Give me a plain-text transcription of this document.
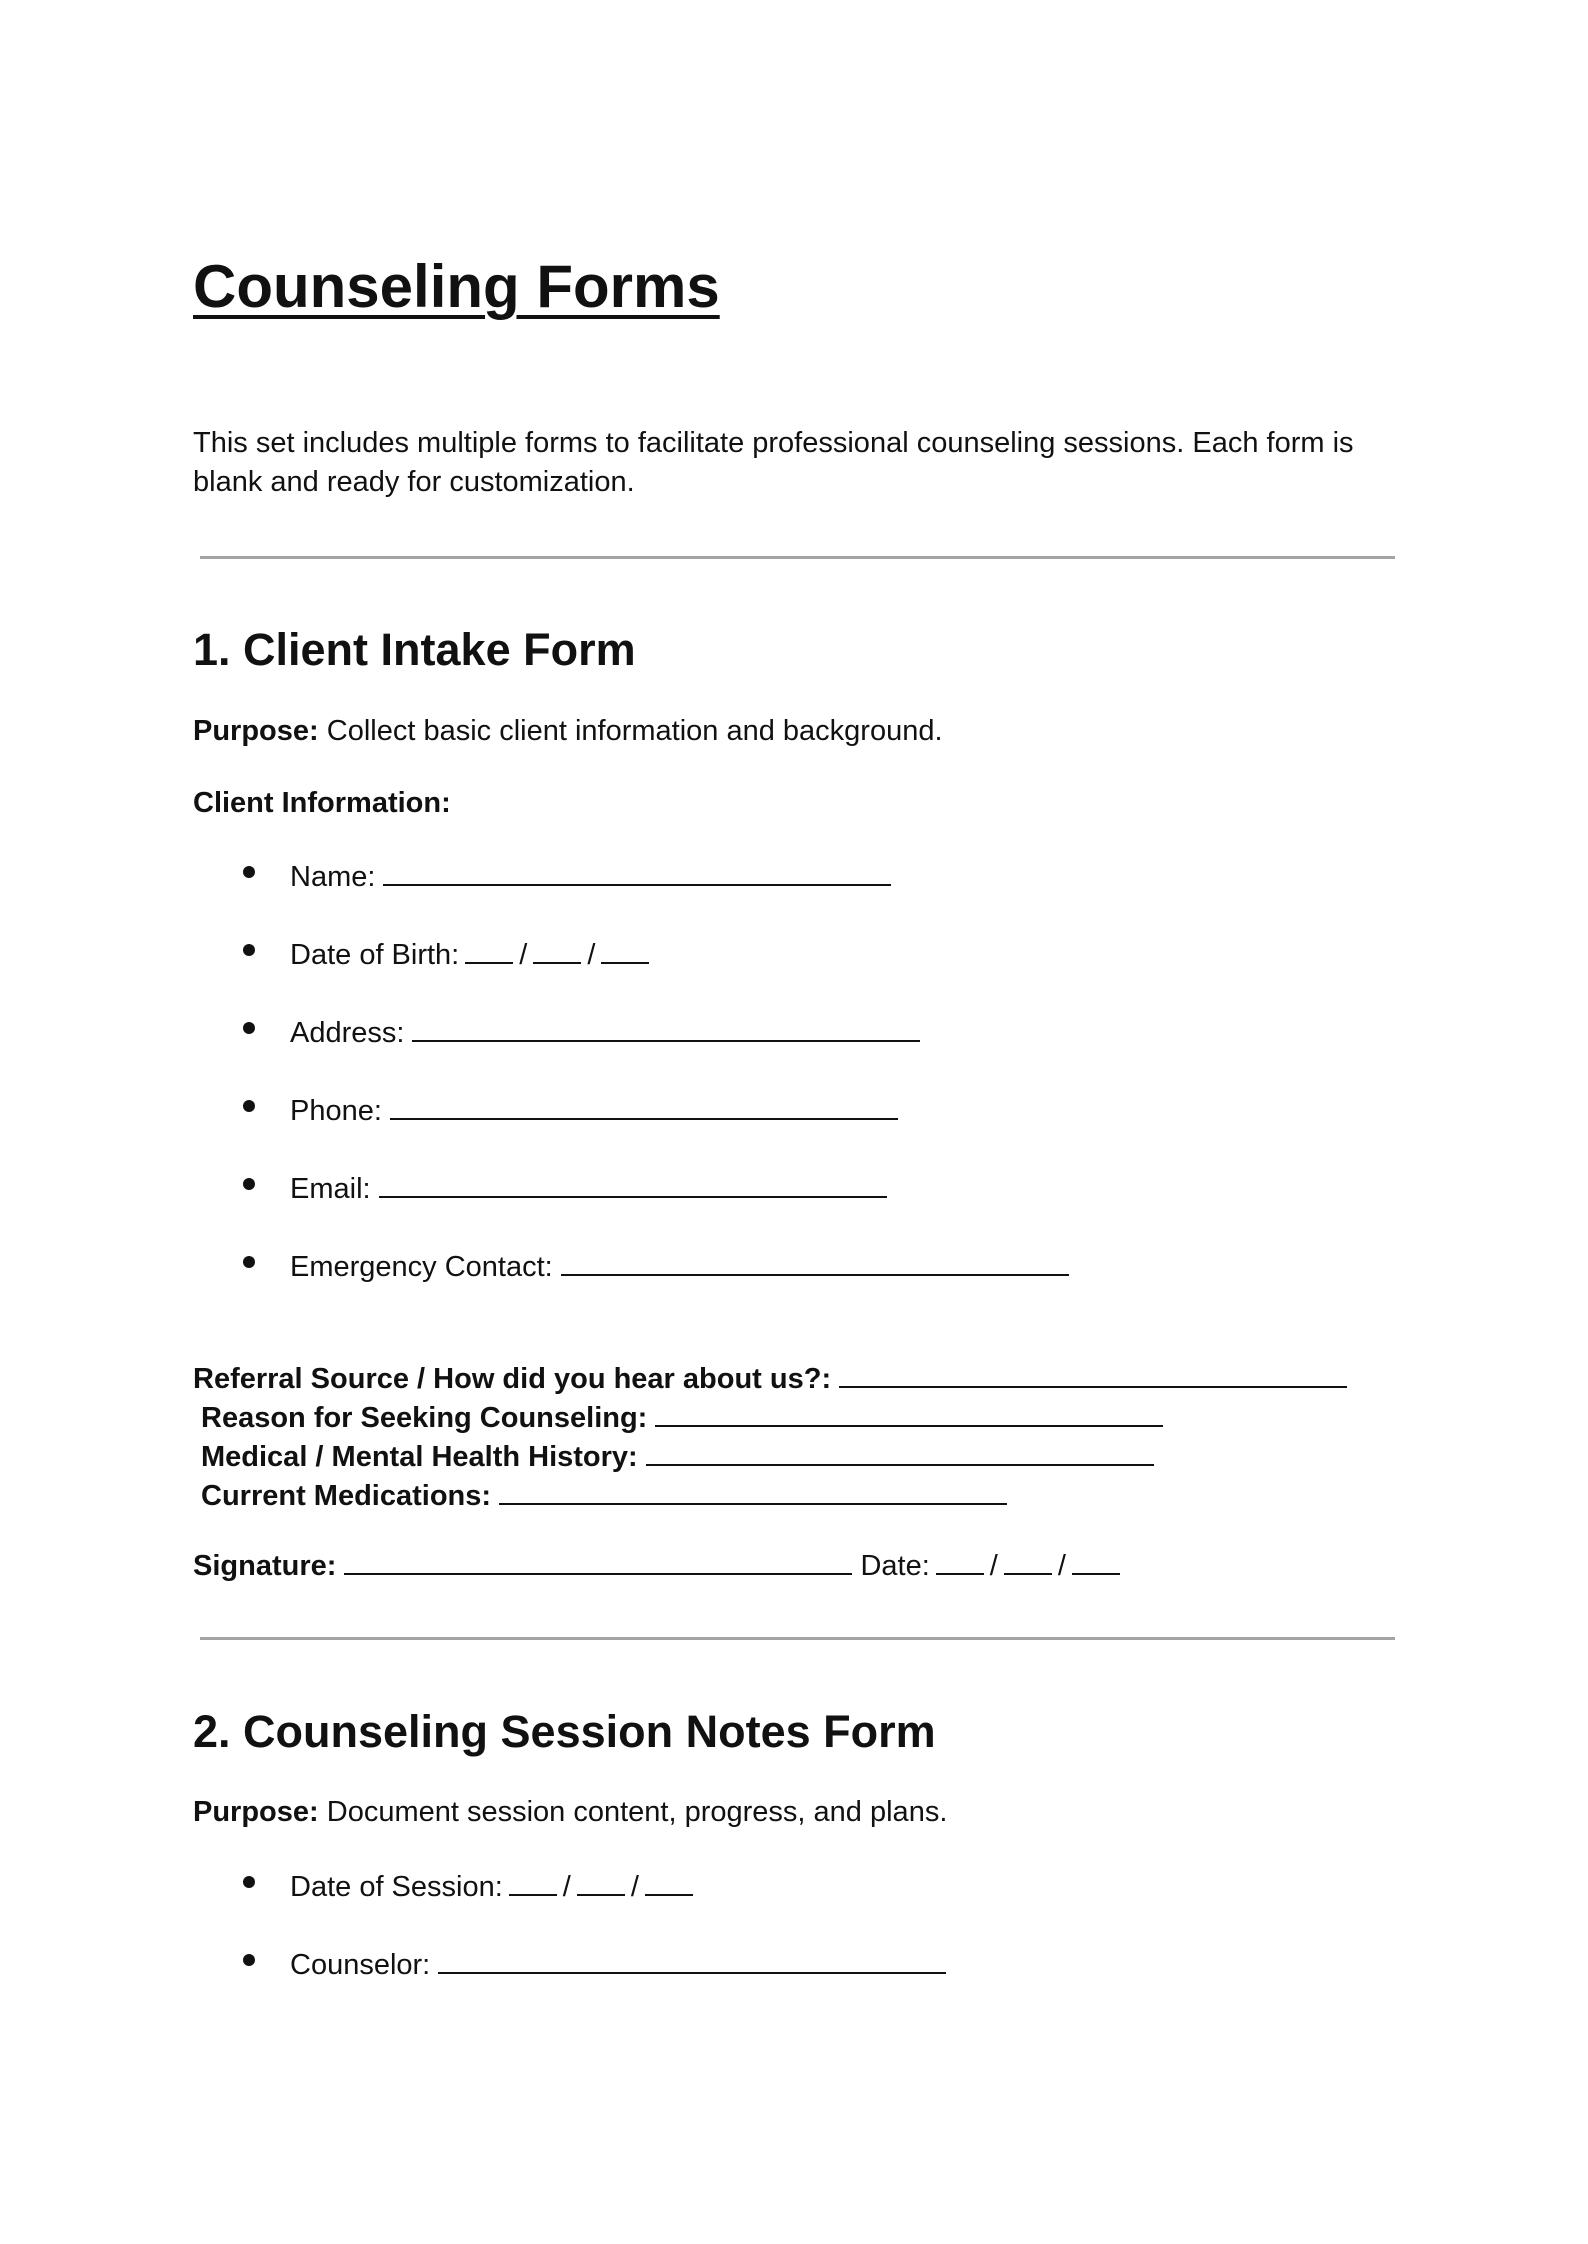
Counseling Forms

This set includes multiple forms to facilitate professional counseling sessions. Each form is blank and ready for customization.

1. Client Intake Form
Purpose: Collect basic client information and background.
Client Information:
Name:
Date of Birth: / /
Address:
Phone:
Email:
Emergency Contact:
Referral Source / How did you hear about us?:
Reason for Seeking Counseling:
Medical / Mental Health History:
Current Medications:
Signature:	Date: / /
2. Counseling Session Notes Form
Purpose: Document session content, progress, and plans.
Date of Session: / /
Counselor:
